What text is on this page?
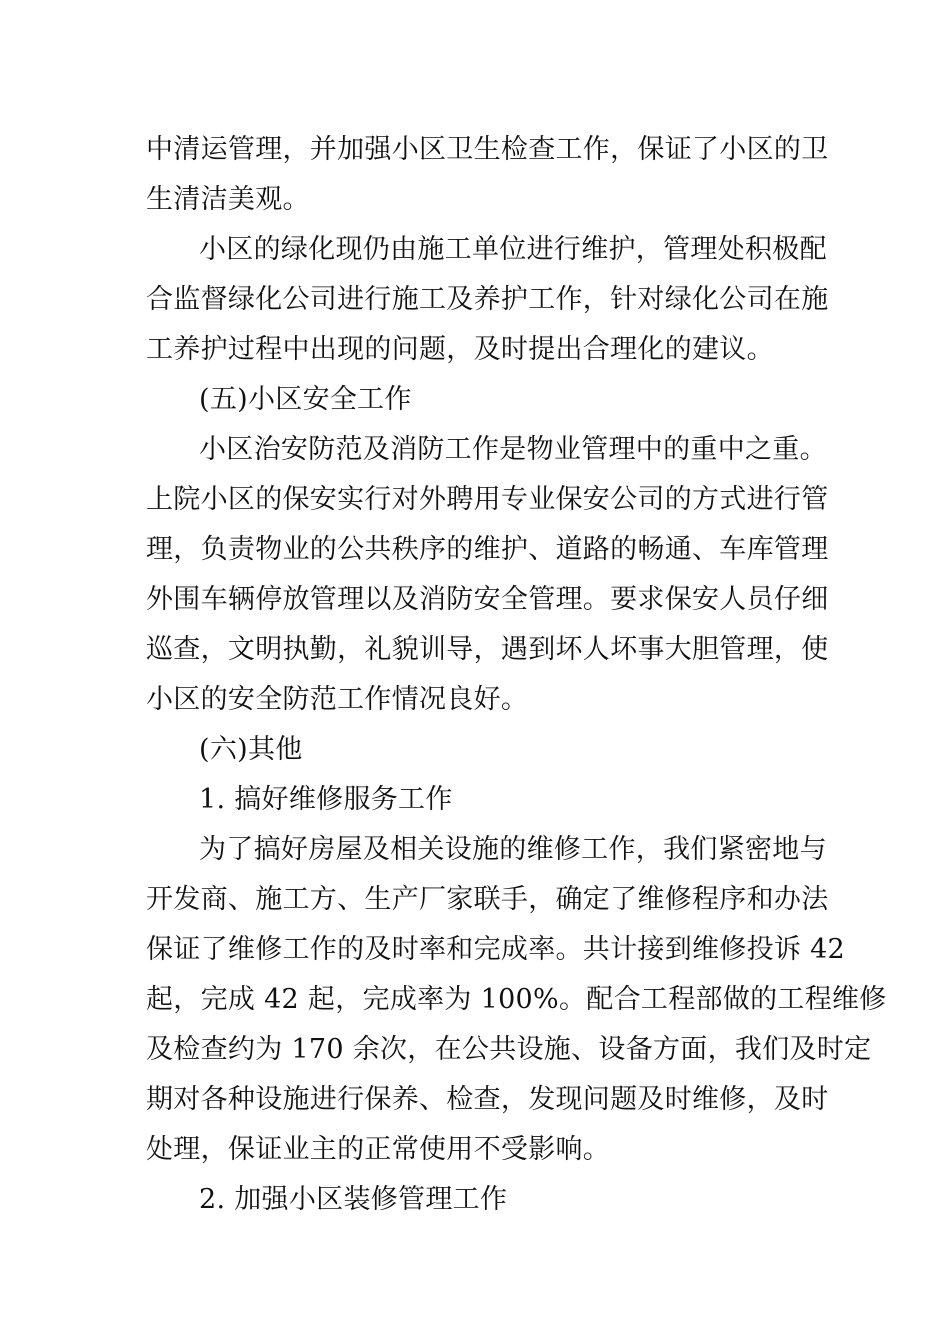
中清运管理，并加强小区卫生检查工作，保证了小区的卫
生清洁美观。
小区的绿化现仍由施工单位进行维护，管理处积极配
合监督绿化公司进行施工及养护工作，针对绿化公司在施
工养护过程中出现的问题，及时提出合理化的建议。
(五)小区安全工作
小区治安防范及消防工作是物业管理中的重中之重。
上院小区的保安实行对外聘用专业保安公司的方式进行管
理，负责物业的公共秩序的维护、道路的畅通、车库管理
外围车辆停放管理以及消防安全管理。要求保安人员仔细
巡查，文明执勤，礼貌训导，遇到坏人坏事大胆管理，使
小区的安全防范工作情况良好。
(六)其他
1. 搞好维修服务工作
为了搞好房屋及相关设施的维修工作，我们紧密地与
开发商、施工方、生产厂家联手，确定了维修程序和办法
保证了维修工作的及时率和完成率。共计接到维修投诉 42
起，完成 42 起，完成率为 100%。配合工程部做的工程维修
及检查约为 170 余次，在公共设施、设备方面，我们及时定
期对各种设施进行保养、检查，发现问题及时维修，及时
处理，保证业主的正常使用不受影响。
2. 加强小区装修管理工作
